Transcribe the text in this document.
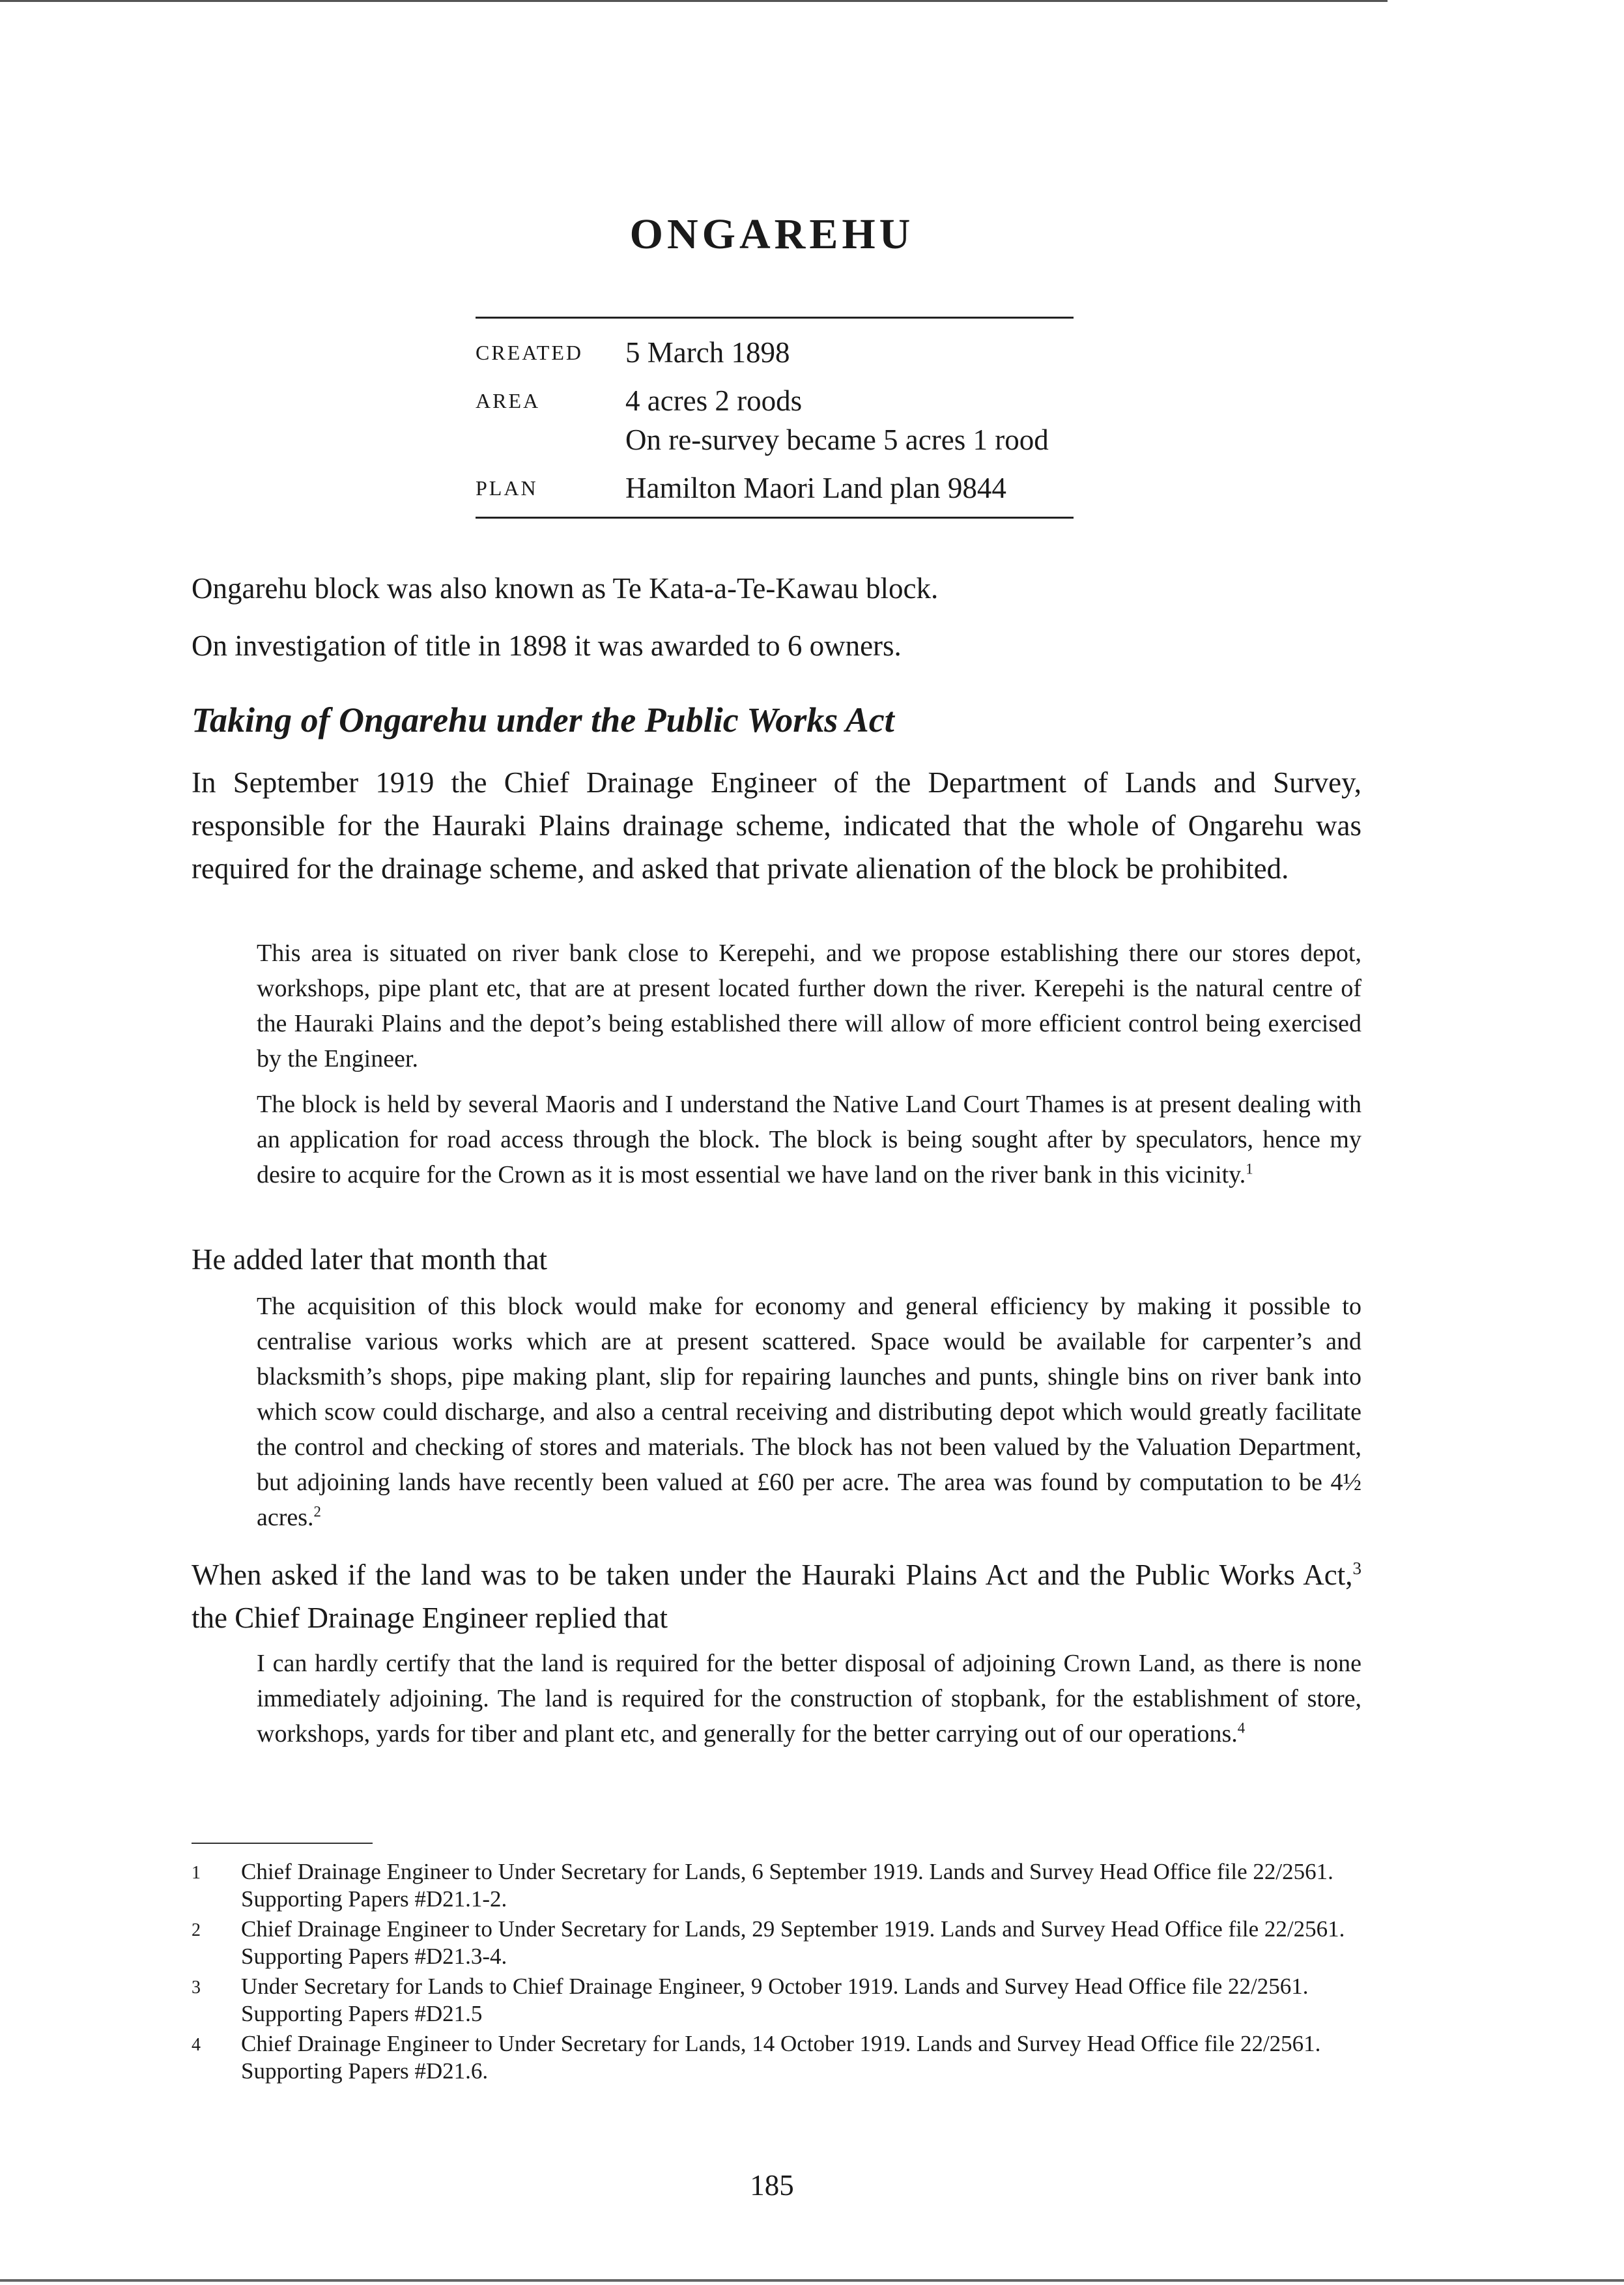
ONGAREHU
CREATED	5 March 1898
AREA	4 acres 2 roods
On re-survey became 5 acres 1 rood
PLAN	Hamilton Maori Land plan 9844

Ongarehu block was also known as Te Kata-a-Te-Kawau block.

On investigation of title in 1898 it was awarded to 6 owners.

Taking of Ongarehu under the Public Works Act

In September 1919 the Chief Drainage Engineer of the Department of Lands and Survey, responsible for the Hauraki Plains drainage scheme, indicated that the whole of Ongarehu was required for the drainage scheme, and asked that private alienation of the block be prohibited.

This area is situated on river bank close to Kerepehi, and we propose establishing there our stores depot, workshops, pipe plant etc, that are at present located further down the river. Kerepehi is the natural centre of the Hauraki Plains and the depot’s being established there will allow of more efficient control being exercised by the Engineer.

The block is held by several Maoris and I understand the Native Land Court Thames is at present dealing with an application for road access through the block. The block is being sought after by speculators, hence my desire to acquire for the Crown as it is most essential we have land on the river bank in this vicinity.$^1$

He added later that month that

The acquisition of this block would make for economy and general efficiency by making it possible to centralise various works which are at present scattered. Space would be available for carpenter’s and blacksmith’s shops, pipe making plant, slip for repairing launches and punts, shingle bins on river bank into which scow could discharge, and also a central receiving and distributing depot which would greatly facilitate the control and checking of stores and materials. The block has not been valued by the Valuation Department, but adjoining lands have recently been valued at £60 per acre. The area was found by computation to be 4½ acres.$^2$

When asked if the land was to be taken under the Hauraki Plains Act and the Public Works Act,$^3$ the Chief Drainage Engineer replied that

I can hardly certify that the land is required for the better disposal of adjoining Crown Land, as there is none immediately adjoining. The land is required for the construction of stopbank, for the establishment of store, workshops, yards for tiber and plant etc, and generally for the better carrying out of our operations.$^4$

1	Chief Drainage Engineer to Under Secretary for Lands, 6 September 1919. Lands and Survey Head Office file 22/2561. Supporting Papers #D21.1-2.
2	Chief Drainage Engineer to Under Secretary for Lands, 29 September 1919. Lands and Survey Head Office file 22/2561. Supporting Papers #D21.3-4.
3	Under Secretary for Lands to Chief Drainage Engineer, 9 October 1919. Lands and Survey Head Office file 22/2561. Supporting Papers #D21.5
4	Chief Drainage Engineer to Under Secretary for Lands, 14 October 1919. Lands and Survey Head Office file 22/2561. Supporting Papers #D21.6.
185
